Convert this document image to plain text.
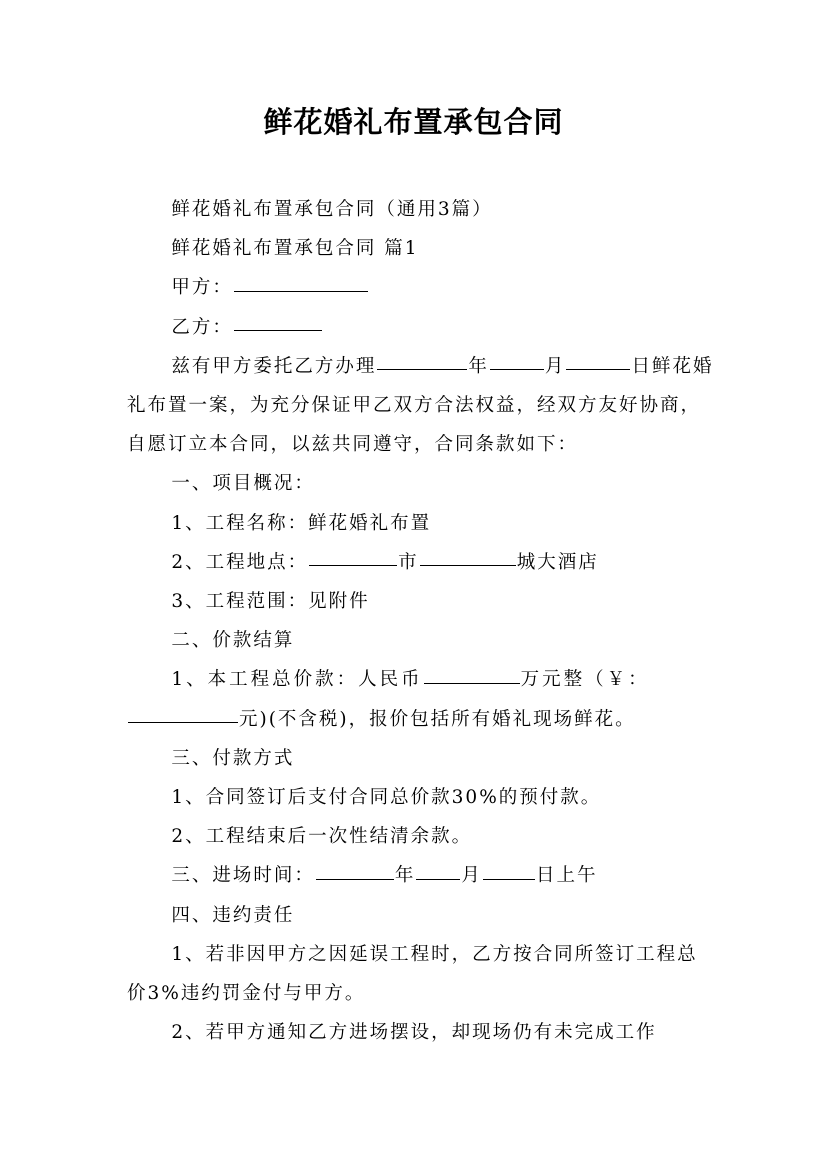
鲜花婚礼布置承包合同

鲜花婚礼布置承包合同（通用3篇）

鲜花婚礼布置承包合同 篇1

甲方：

乙方：

兹有甲方委托乙方办理	年	月	日鲜花婚礼布置一案，为充分保证甲乙双方合法权益，经双方友好协商，自愿订立本合同，以兹共同遵守，合同条款如下：

一、项目概况：

1、工程名称：鲜花婚礼布置

2、工程地点：	市	城大酒店

3、工程范围：见附件

二、价款结算

1、本工程总价款：人民币	万元整（￥：元)(不含税)，报价包括所有婚礼现场鲜花。

三、付款方式

1、合同签订后支付合同总价款30%的预付款。

2、工程结束后一次性结清余款。

三、进场时间：	年 月	日上午

四、违约责任

1、若非因甲方之因延误工程时，乙方按合同所签订工程总价3%违约罚金付与甲方。

2、若甲方通知乙方进场摆设，却现场仍有未完成工作
